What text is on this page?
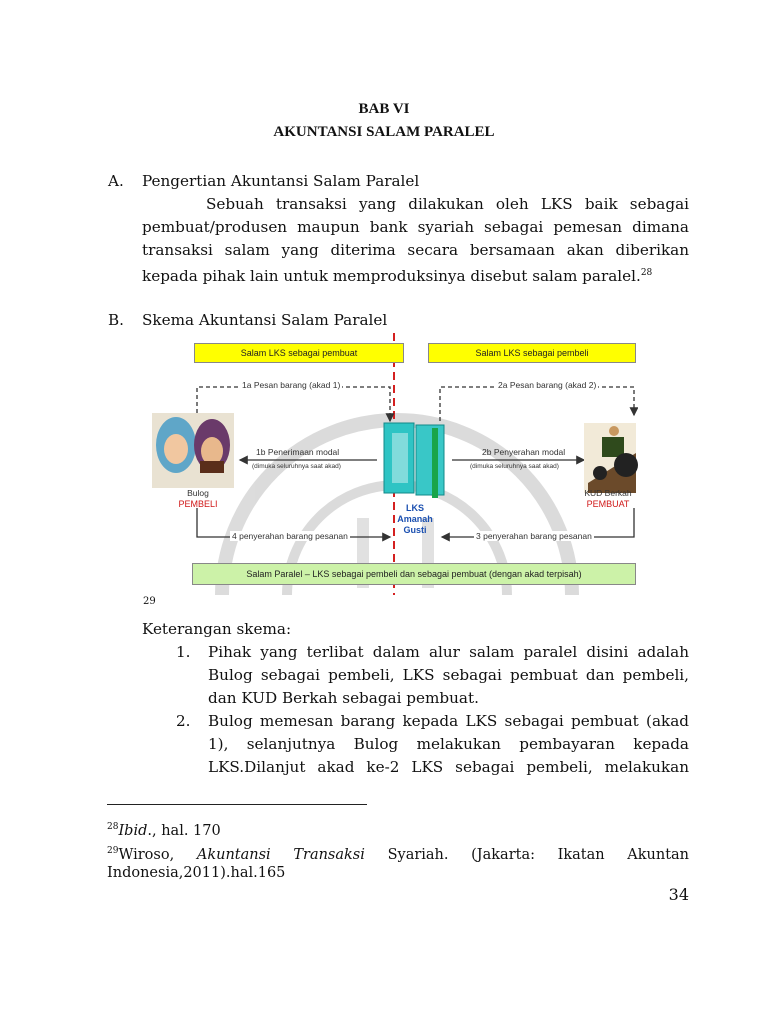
BAB VI
AKUNTANSI SALAM PARALEL
A. Pengertian Akuntansi Salam Paralel
Sebuah transaksi yang dilakukan oleh LKS baik sebagai
pembuat/produsen maupun bank syariah sebagai pemesan dimana
transaksi salam yang diterima secara bersamaan akan diberikan
kepada pihak lain untuk memproduksinya disebut salam paralel.$^{28}$
B. Skema Akuntansi Salam Paralel
Salam LKS sebagai pembuat	Salam LKS sebagai pembeli
1a Pesan barang (akad 1)	2a Pesan barang (akad 2)
1b Penerimaan modal
(dimuka seluruhnya saat akad)
2b Penyerahan modal
(dimuka seluruhnya saat akad)
Bulog
PEMBELI
KUD Berkah
PEMBUAT
LKS
Amanah
Gusti
4 penyerahan barang pesanan	3 penyerahan barang pesanan
Salam Paralel – LKS sebagai pembeli dan sebagai pembuat (dengan akad terpisah)
29
Keterangan skema:
1. Pihak yang terlibat dalam alur salam paralel disini adalah
Bulog sebagai pembeli, LKS sebagai pembuat dan pembeli,
dan KUD Berkah sebagai pembuat.
2. Bulog memesan barang kepada LKS sebagai pembuat (akad
1), selanjutnya Bulog melakukan pembayaran kepada
LKS.Dilanjut akad ke-2 LKS sebagai pembeli, melakukan
$^{28}$Ibid., hal. 170
$^{29}$Wiroso, Akuntansi Transaksi Syariah. (Jakarta: Ikatan Akuntan
Indonesia,2011).hal.165
34
